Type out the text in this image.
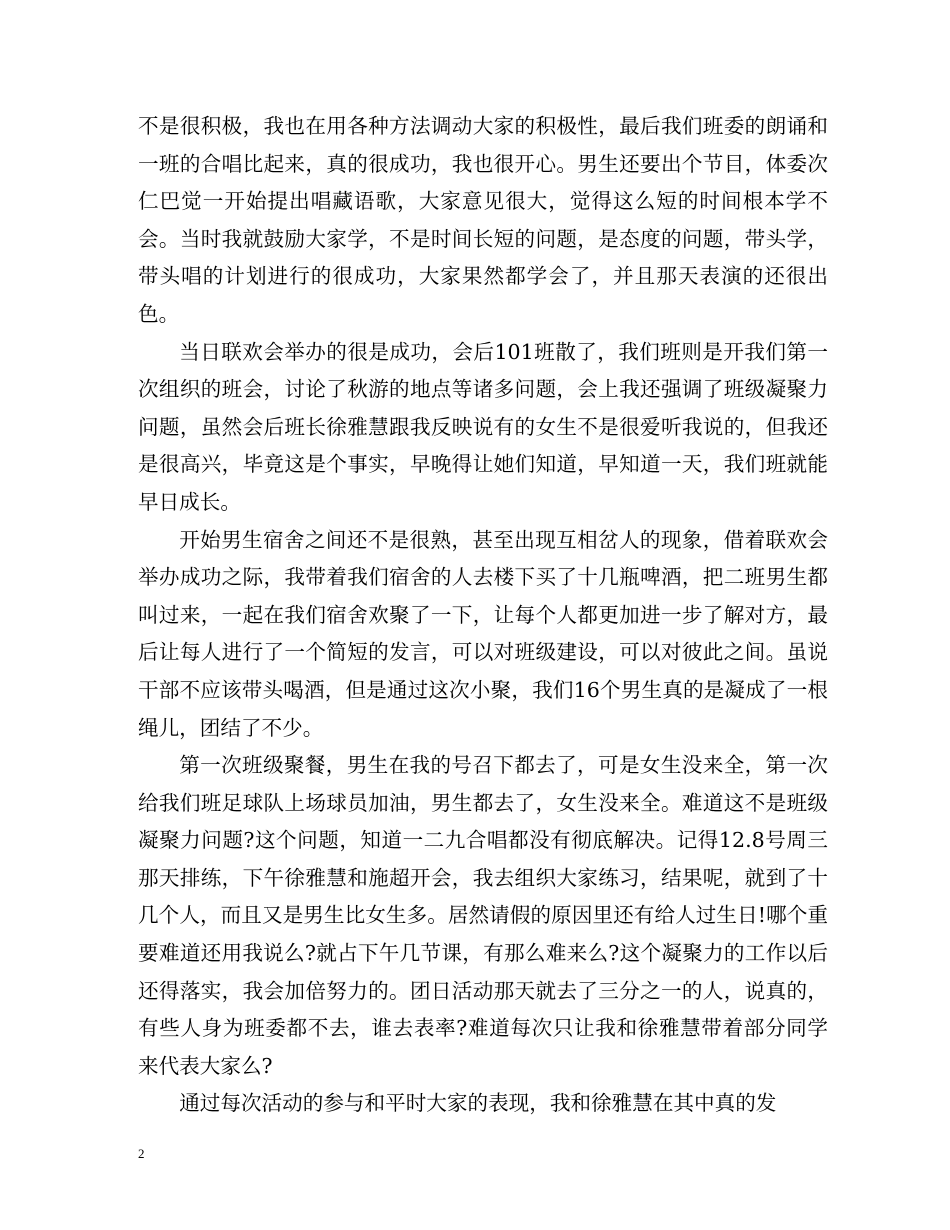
不是很积极，我也在用各种方法调动大家的积极性，最后我们班委的朗诵和一班的合唱比起来，真的很成功，我也很开心。男生还要出个节目，体委次仁巴觉一开始提出唱藏语歌，大家意见很大，觉得这么短的时间根本学不会。当时我就鼓励大家学，不是时间长短的问题，是态度的问题，带头学，带头唱的计划进行的很成功，大家果然都学会了，并且那天表演的还很出色。

当日联欢会举办的很是成功，会后101班散了，我们班则是开我们第一次组织的班会，讨论了秋游的地点等诸多问题，会上我还强调了班级凝聚力问题，虽然会后班长徐雅慧跟我反映说有的女生不是很爱听我说的，但我还是很高兴，毕竟这是个事实，早晚得让她们知道，早知道一天，我们班就能早日成长。

开始男生宿舍之间还不是很熟，甚至出现互相岔人的现象，借着联欢会举办成功之际，我带着我们宿舍的人去楼下买了十几瓶啤酒，把二班男生都叫过来，一起在我们宿舍欢聚了一下，让每个人都更加进一步了解对方，最后让每人进行了一个简短的发言，可以对班级建设，可以对彼此之间。虽说干部不应该带头喝酒，但是通过这次小聚，我们16个男生真的是凝成了一根绳儿，团结了不少。

第一次班级聚餐，男生在我的号召下都去了，可是女生没来全，第一次给我们班足球队上场球员加油，男生都去了，女生没来全。难道这不是班级凝聚力问题?这个问题，知道一二九合唱都没有彻底解决。记得12.8号周三那天排练，下午徐雅慧和施超开会，我去组织大家练习，结果呢，就到了十几个人，而且又是男生比女生多。居然请假的原因里还有给人过生日!哪个重要难道还用我说么?就占下午几节课，有那么难来么?这个凝聚力的工作以后还得落实，我会加倍努力的。团日活动那天就去了三分之一的人，说真的，有些人身为班委都不去，谁去表率?难道每次只让我和徐雅慧带着部分同学来代表大家么?

通过每次活动的参与和平时大家的表现，我和徐雅慧在其中真的发

2
